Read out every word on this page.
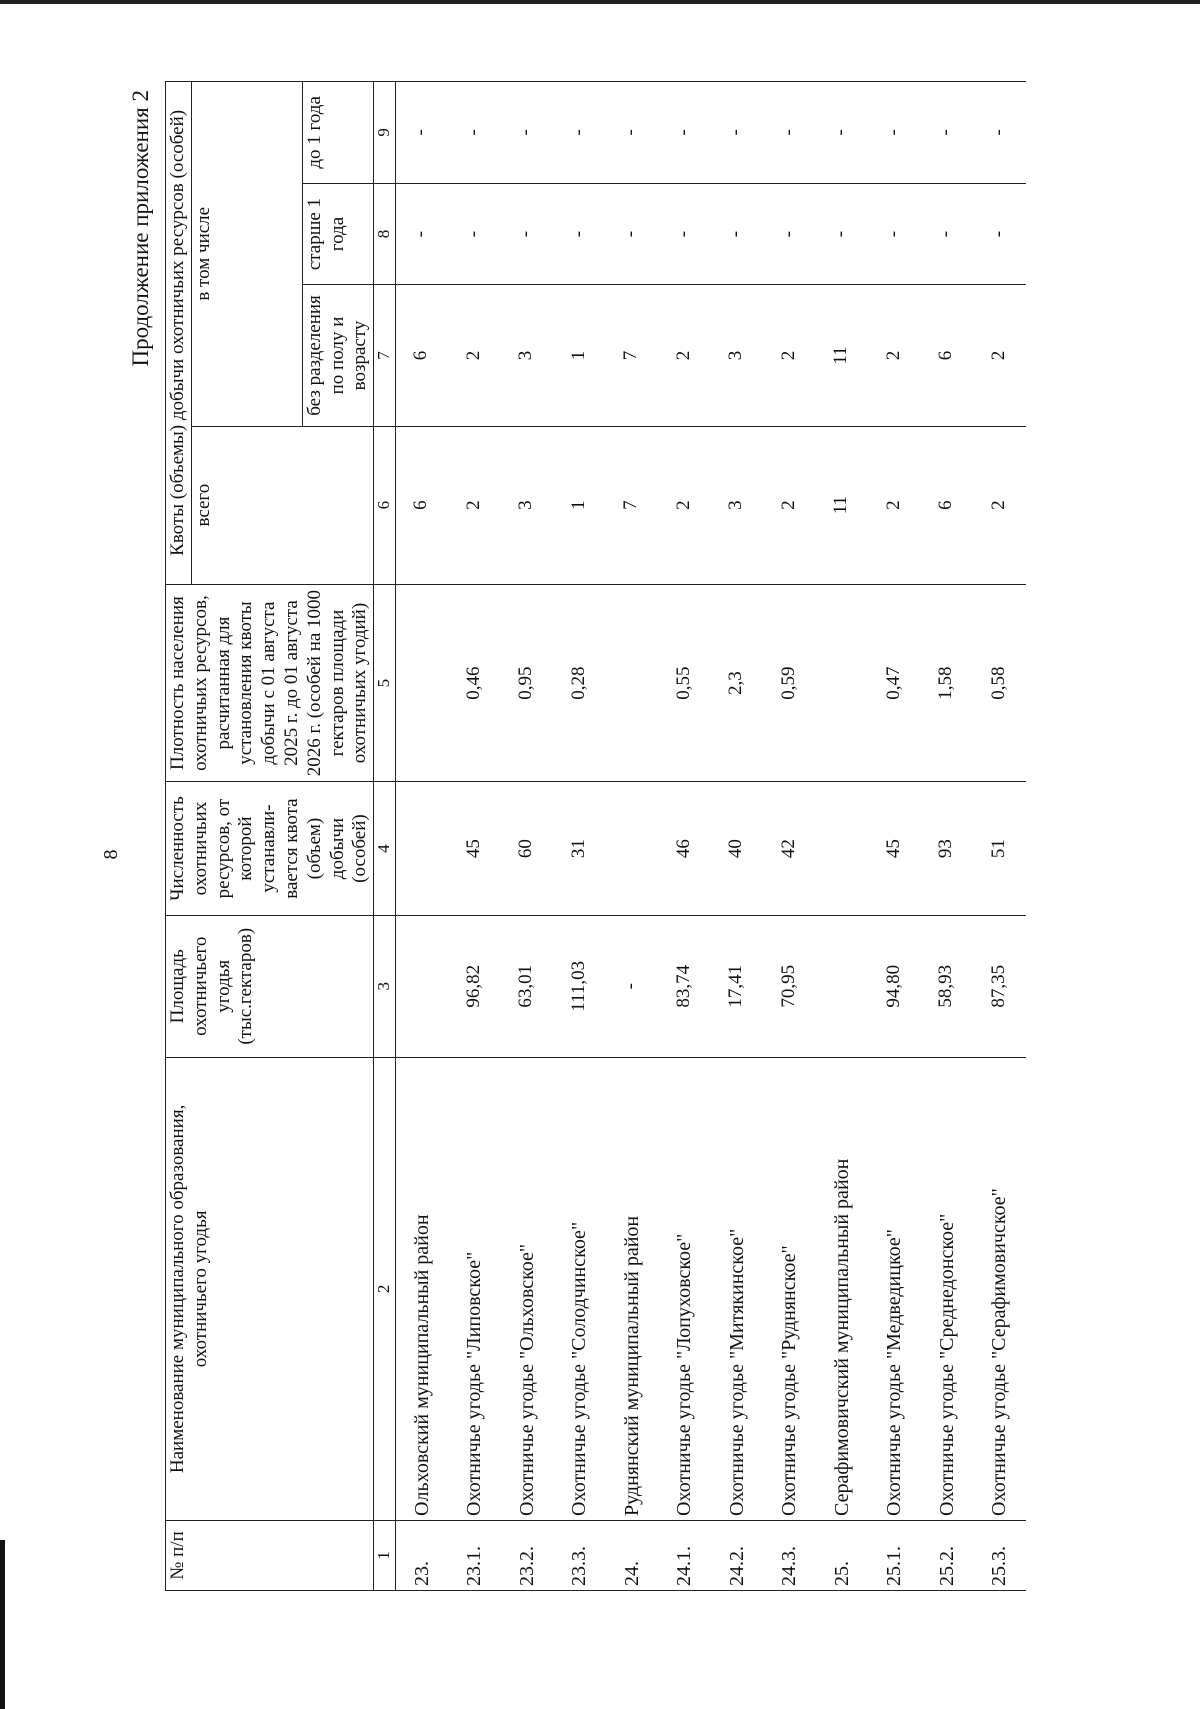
8
Продолжение приложения 2
№ п/п	Наименование муниципального образования, охотничьего угодья	Площадь охотничьего угодья (тыс.гектаров)	Численность охотничьих ресурсов, от которой устанавли- вается квота (объем) добычи (особей)	Плотность населения охотничьих ресурсов, расчитанная для установления квоты добычи с 01 августа 2025 г. до 01 августа 2026 г. (особей на 1000 гектаров площади охотничьих угодий)	Квоты (объемы) добычи охотничьих ресурсов (особей)			
					всего	в том числе		
						без разделения по полу и возрасту	старше 1 года	до 1 года
1	2	3	4	5	6	7	8	9
23.	Ольховский муниципальный район				6	6	-	-
23.1.	Охотничье угодье "Липовское"	96,82	45	0,46	2	2	-	-
23.2.	Охотничье угодье "Ольховское"	63,01	60	0,95	3	3	-	-
23.3.	Охотничье угодье "Солодчинское"	111,03	31	0,28	1	1	-	-
24.	Руднянский муниципальный район	-			7	7	-	-
24.1.	Охотничье угодье "Лопуховское"	83,74	46	0,55	2	2	-	-
24.2.	Охотничье угодье "Митякинское"	17,41	40	2,3	3	3	-	-
24.3.	Охотничье угодье "Руднянское"	70,95	42	0,59	2	2	-	-
25.	Серафимовичский муниципальный район				11	11	-	-
25.1.	Охотничье угодье "Медведицкое"	94,80	45	0,47	2	2	-	-
25.2.	Охотничье угодье "Среднедонское"	58,93	93	1,58	6	6	-	-
25.3.	Охотничье угодье "Серафимовичское"	87,35	51	0,58	2	2	-	-
